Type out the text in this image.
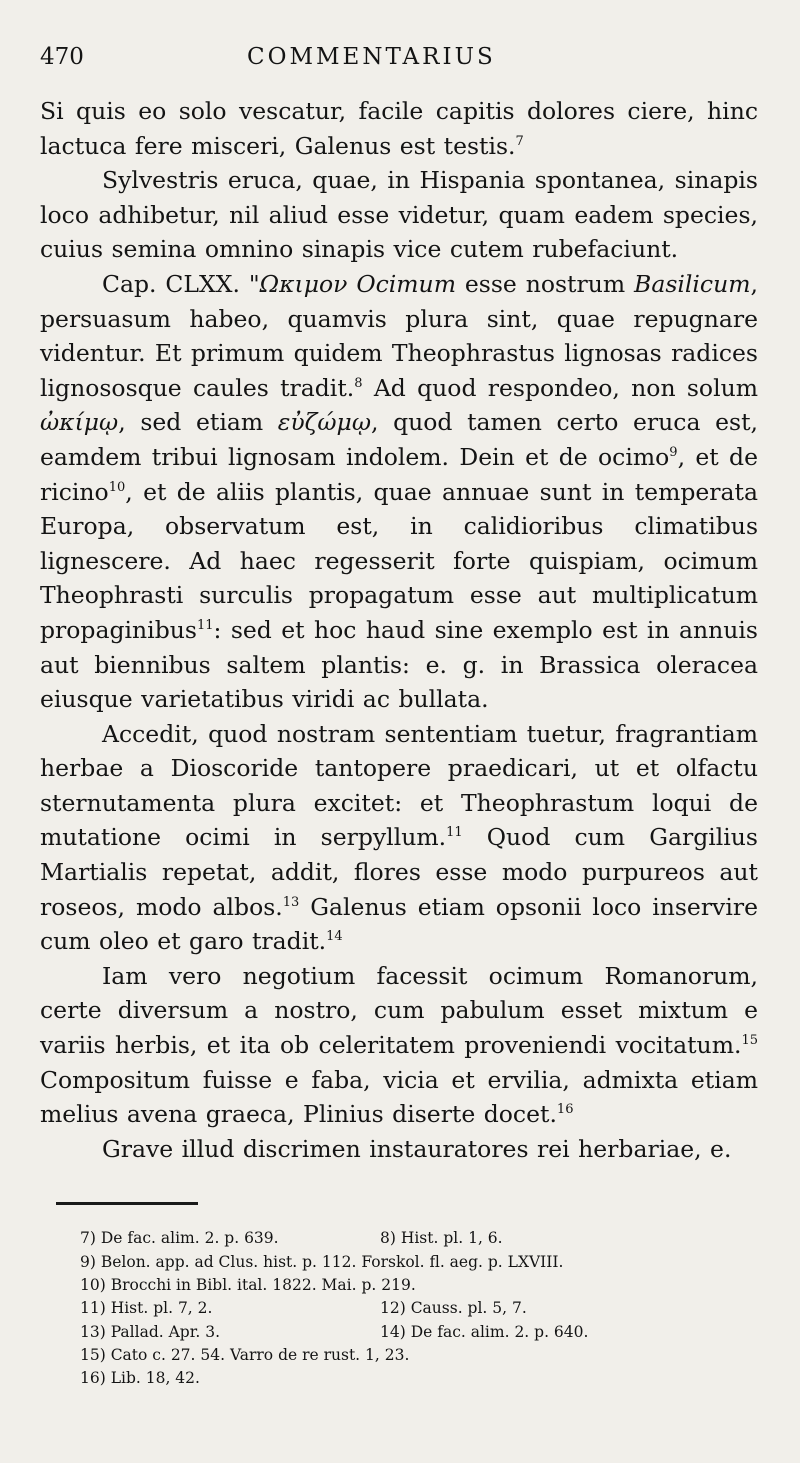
470	COMMENTARIUS

Si quis eo solo vescatur, facile capitis dolores ciere, hinc lactuca fere misceri, Galenus est testis.$^7$

Sylvestris eruca, quae, in Hispania spontanea, sinapis loco adhibetur, nil aliud esse videtur, quam eadem species, cuius semina omnino sinapis vice cutem rubefaciunt.

Cap. CLXX. "Ωκιμον Ocimum esse nostrum Basilicum, persuasum habeo, quamvis plura sint, quae repugnare videntur. Et primum quidem Theophrastus lignosas radices lignososque caules tradit.$^8$ Ad quod respondeo, non solum ὠκίμῳ, sed etiam εὐζώμῳ, quod tamen certo eruca est, eamdem tribui lignosam indolem. Dein et de ocimo$^9$, et de ricino$^{10}$, et de aliis plantis, quae annuae sunt in temperata Europa, observatum est, in calidioribus climatibus lignescere. Ad haec regesserit forte quispiam, ocimum Theophrasti surculis propagatum esse aut multiplicatum propaginibus$^{11}$: sed et hoc haud sine exemplo est in annuis aut biennibus saltem plantis: e. g. in Brassica oleracea eiusque varietatibus viridi ac bullata.

Accedit, quod nostram sententiam tuetur, fragrantiam herbae a Dioscoride tantopere praedicari, ut et olfactu sternutamenta plura excitet: et Theophrastum loqui de mutatione ocimi in serpyllum.$^{11}$ Quod cum Gargilius Martialis repetat, addit, flores esse modo purpureos aut roseos, modo albos.$^{13}$ Galenus etiam opsonii loco inservire cum oleo et garo tradit.$^{14}$

Iam vero negotium facessit ocimum Romanorum, certe diversum a nostro, cum pabulum esset mixtum e variis herbis, et ita ob celeritatem proveniendi vocitatum.$^{15}$ Compositum fuisse e faba, vicia et ervilia, admixta etiam melius avena graeca, Plinius diserte docet.$^{16}$

Grave illud discrimen instauratores rei herbariae, e.

7) De fac. alim. 2. p. 639.	8) Hist. pl. 1, 6.
9) Belon. app. ad Clus. hist. p. 112. Forskol. fl. aeg. p. LXVIII.
10) Brocchi in Bibl. ital. 1822. Mai. p. 219.
11) Hist. pl. 7, 2.	12) Causs. pl. 5, 7.
13) Pallad. Apr. 3.	14) De fac. alim. 2. p. 640.
15) Cato c. 27. 54. Varro de re rust. 1, 23.
16) Lib. 18, 42.
